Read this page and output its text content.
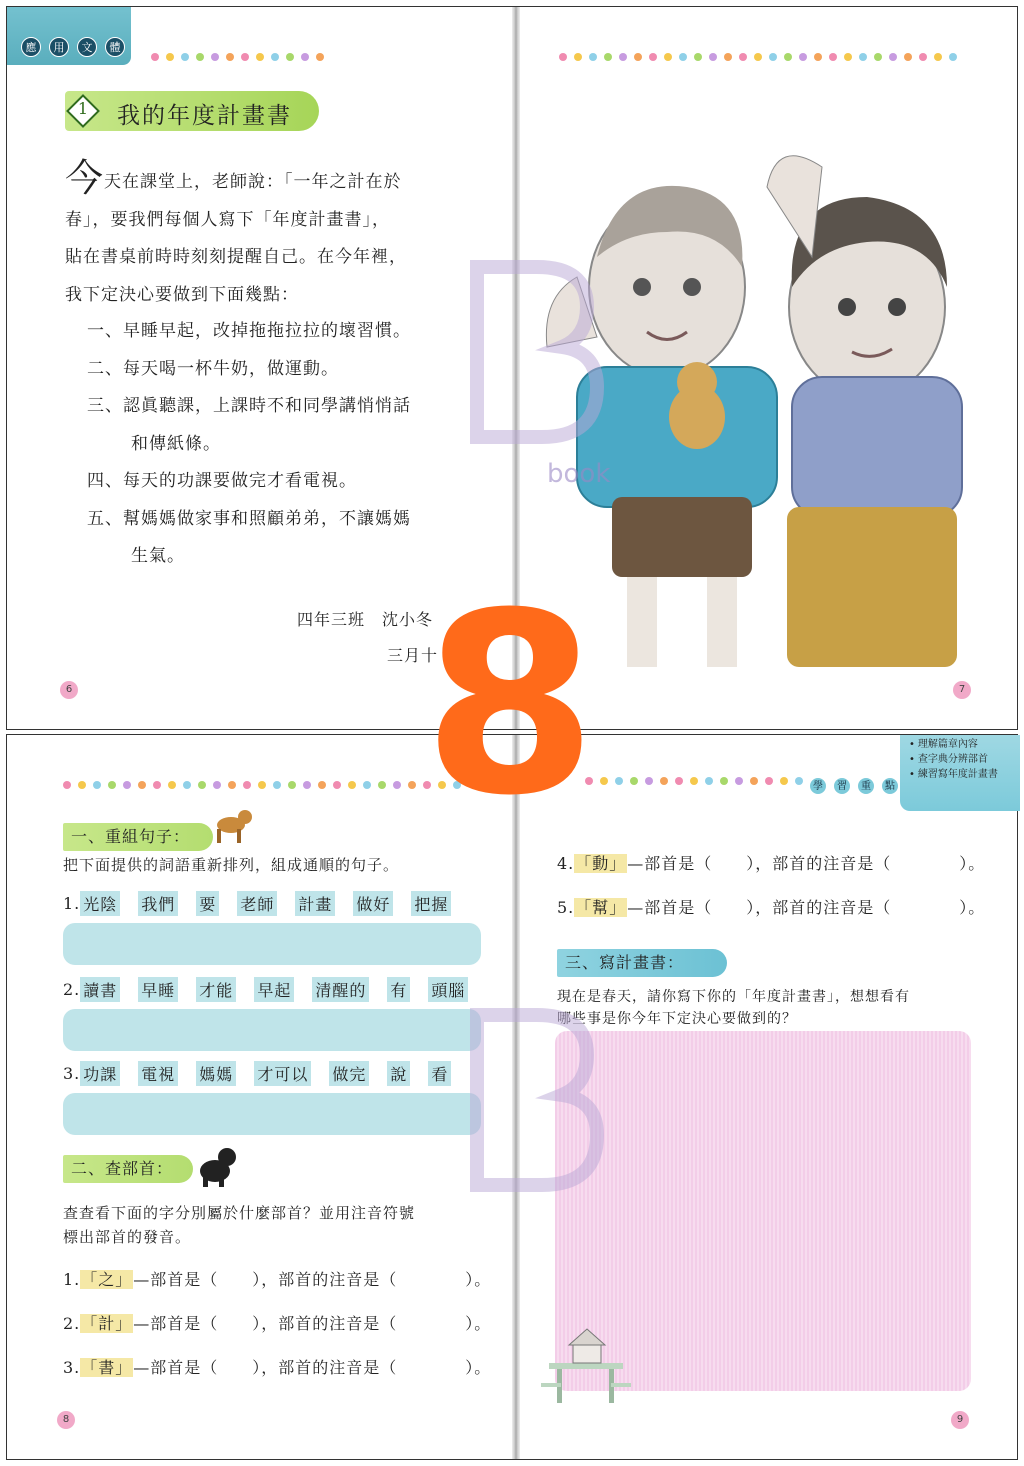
應	用	文	體
1 我的年度計畫書
今天在課堂上，老師說：「一年之計在於
春」，要我們每個人寫下「年度計畫書」，
貼在書桌前時時刻刻提醒自己。在今年裡，
我下定決心要做到下面幾點：
一、早睡早起，改掉拖拖拉拉的壞習慣。
二、每天喝一杯牛奶，做運動。
三、認眞聽課，上課時不和同學講悄悄話
和傳紙條。
四、每天的功課要做完才看電視。
五、幫媽媽做家事和照顧弟弟，不讓媽媽
生氣。
四年三班　沈小冬
三月十
6	7
book
• 理解篇章內容
• 查字典分辨部首
• 練習寫年度計畫書
學	習	重	點
一、重組句子：
把下面提供的詞語重新排列，組成通順的句子。
1. 光陰 我們 要 老師 計畫 做好 把握
2. 讀書 早睡 才能 早起 清醒的 有 頭腦
3. 功課 電視 媽媽 才可以 做完 說 看
二、查部首：
查查看下面的字分別屬於什麼部首？並用注音符號
標出部首的發音。
1.「之」—部首是（　　），部首的注音是（　　　　）。
2.「計」—部首是（　　），部首的注音是（　　　　）。
3.「書」—部首是（　　），部首的注音是（　　　　）。
4.「動」—部首是（　　），部首的注音是（　　　　）。
5.「幫」—部首是（　　），部首的注音是（　　　　）。
三、寫計畫書：
現在是春天，請你寫下你的「年度計畫書」，想想看有
哪些事是你今年下定決心要做到的？
8	9
8
